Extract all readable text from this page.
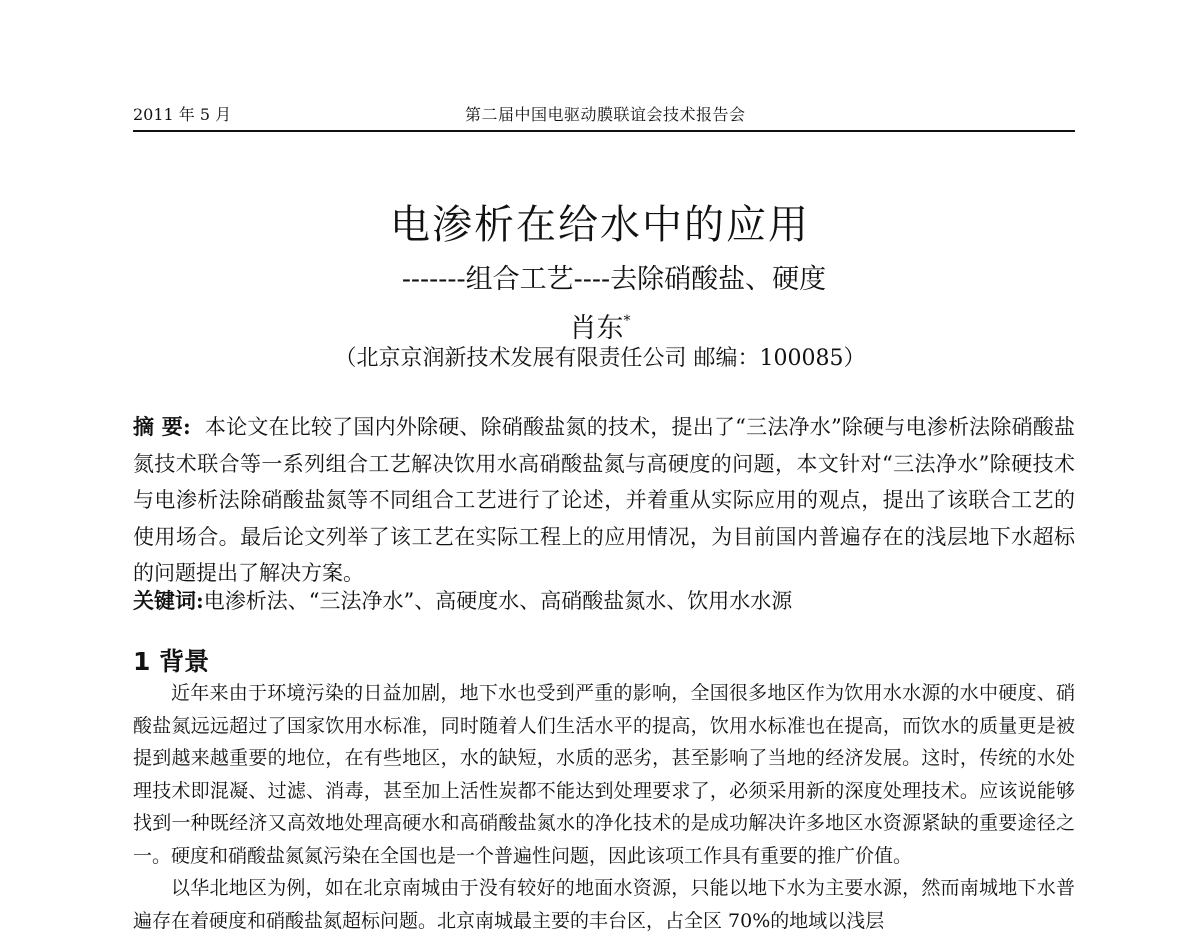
2011 年 5 月	第二届中国电驱动膜联谊会技术报告会
电渗析在给水中的应用
-------组合工艺----去除硝酸盐、硬度
肖东*
（北京京润新技术发展有限责任公司 邮编：100085）
摘 要: 本论文在比较了国内外除硬、除硝酸盐氮的技术，提出了“三法净水”除硬与电渗析法除硝酸盐氮技术联合等一系列组合工艺解决饮用水高硝酸盐氮与高硬度的问题，本文针对“三法净水”除硬技术与电渗析法除硝酸盐氮等不同组合工艺进行了论述，并着重从实际应用的观点，提出了该联合工艺的使用场合。最后论文列举了该工艺在实际工程上的应用情况，为目前国内普遍存在的浅层地下水超标的问题提出了解决方案。
关键词:电渗析法、“三法净水”、高硬度水、高硝酸盐氮水、饮用水水源
1 背景

近年来由于环境污染的日益加剧，地下水也受到严重的影响，全国很多地区作为饮用水水源的水中硬度、硝酸盐氮远远超过了国家饮用水标准，同时随着人们生活水平的提高，饮用水标准也在提高，而饮水的质量更是被提到越来越重要的地位，在有些地区，水的缺短，水质的恶劣，甚至影响了当地的经济发展。这时，传统的水处理技术即混凝、过滤、消毒，甚至加上活性炭都不能达到处理要求了，必须采用新的深度处理技术。应该说能够找到一种既经济又高效地处理高硬水和高硝酸盐氮水的净化技术的是成功解决许多地区水资源紧缺的重要途径之一。硬度和硝酸盐氮氮污染在全国也是一个普遍性问题，因此该项工作具有重要的推广价值。

以华北地区为例，如在北京南城由于没有较好的地面水资源，只能以地下水为主要水源，然而南城地下水普遍存在着硬度和硝酸盐氮超标问题。北京南城最主要的丰台区，占全区 70%的地域以浅层
